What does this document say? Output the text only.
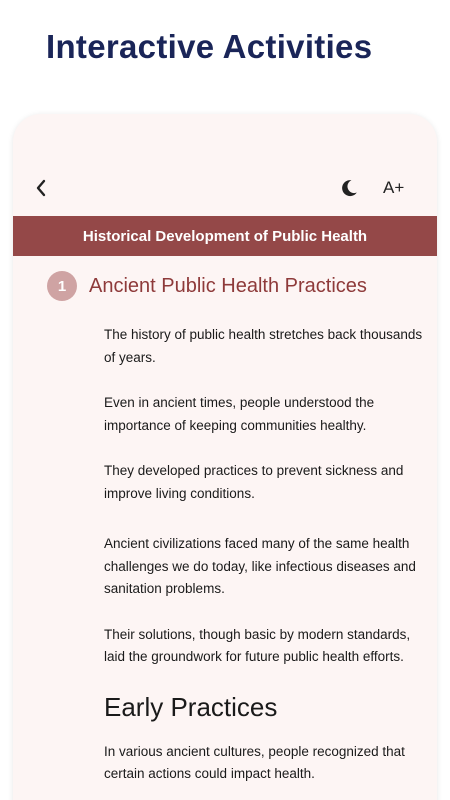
Interactive Activities
A+
Historical Development of Public Health
1	Ancient Public Health Practices

The history of public health stretches back thousands of years.

Even in ancient times, people understood the importance of keeping communities healthy.

They developed practices to prevent sickness and improve living conditions.

Ancient civilizations faced many of the same health challenges we do today, like infectious diseases and sanitation problems.

Their solutions, though basic by modern standards, laid the groundwork for future public health efforts.

Early Practices

In various ancient cultures, people recognized that certain actions could impact health.
